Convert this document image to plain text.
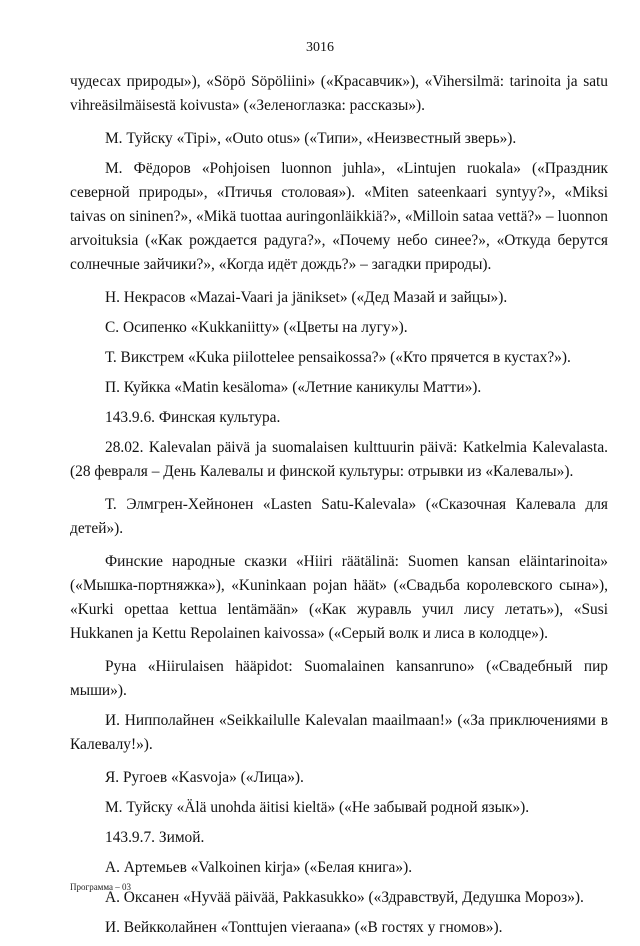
3016

чудесах природы»), «Söpö Söpöliini» («Красавчик»), «Vihersilmä: tarinoita ja satu vihreäsilmäisestä koivusta» («Зеленоглазка: рассказы»).

М. Туйску «Tipi», «Outo otus» («Типи», «Неизвестный зверь»).

М. Фёдоров «Pohjoisen luonnon juhla», «Lintujen ruokala» («Праздник северной природы», «Птичья столовая»). «Miten sateenkaari syntyy?», «Miksi taivas on sininen?», «Mikä tuottaa auringonläikkiä?», «Milloin sataa vettä?» – luonnon arvoituksia («Как рождается радуга?», «Почему небо синее?», «Откуда берутся солнечные зайчики?», «Когда идёт дождь?» – загадки природы).

Н. Некрасов «Mazai-Vaari ja jänikset» («Дед Мазай и зайцы»).

С. Осипенко «Kukkaniitty» («Цветы на лугу»).

Т. Викстрем «Kuka piilottelee pensaikossa?» («Кто прячется в кустах?»).

П. Куйкка «Matin kesäloma» («Летние каникулы Матти»).

143.9.6. Финская культура.

28.02. Kalevalan päivä ja suomalaisen kulttuurin päivä: Katkelmia Kalevalasta. (28 февраля – День Калевалы и финской культуры: отрывки из «Калевалы»).

Т. Элмгрен-Хейнонен «Lasten Satu-Kalevala» («Сказочная Калевала для детей»).

Финские народные сказки «Hiiri räätälinä: Suomen kansan eläintarinoita» («Мышка-портняжка»), «Kuninkaan pojan häät» («Свадьба королевского сына»), «Kurki opettaa kettua lentämään» («Как журавль учил лису летать»), «Susi Hukkanen ja Kettu Repolainen kaivossa» («Серый волк и лиса в колодце»).

Руна «Hiirulaisen hääpidot: Suomalainen kansanruno» («Свадебный пир мыши»).

И. Нипполайнен «Seikkailulle Kalevalan maailmaan!» («За приключениями в Калевалу!»).

Я. Ругоев «Kasvoja» («Лица»).

М. Туйску «Älä unohda äitisi kieltä» («Не забывай родной язык»).

143.9.7. Зимой.

А. Артемьев «Valkoinen kirja» («Белая книга»).

А. Оксанен «Hyvää päivää, Pakkasukko» («Здравствуй, Дедушка Мороз»).

И. Вейкколайнен «Tonttujen vieraana» («В гостях у гномов»).

Программа – 03
